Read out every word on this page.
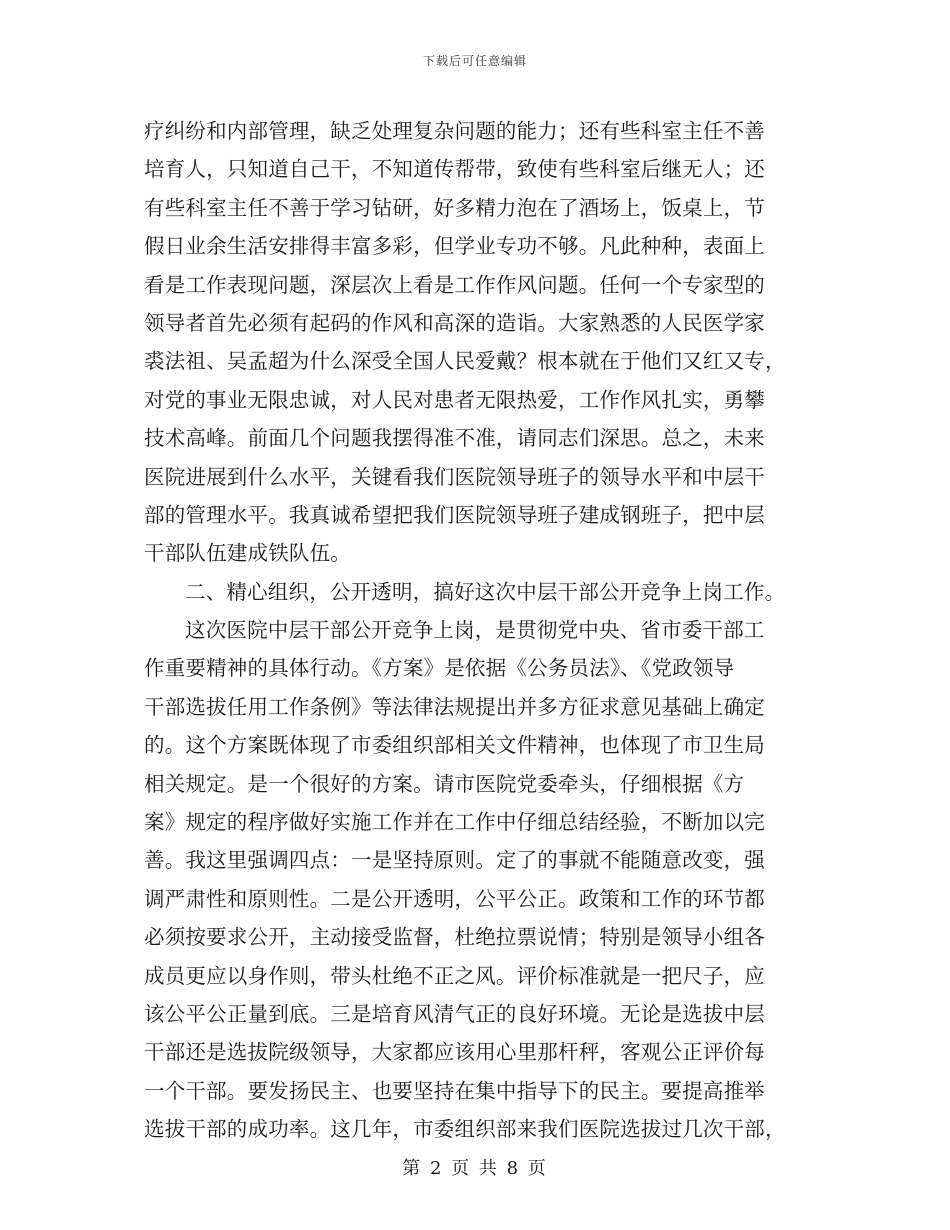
下载后可任意编辑
疗纠纷和内部管理，缺乏处理复杂问题的能力；还有些科室主任不善
培育人，只知道自己干，不知道传帮带，致使有些科室后继无人；还
有些科室主任不善于学习钻研，好多精力泡在了酒场上，饭桌上，节
假日业余生活安排得丰富多彩，但学业专功不够。凡此种种，表面上
看是工作表现问题，深层次上看是工作作风问题。任何一个专家型的
领导者首先必须有起码的作风和高深的造诣。大家熟悉的人民医学家
裘法祖、吴孟超为什么深受全国人民爱戴？根本就在于他们又红又专，
对党的事业无限忠诚，对人民对患者无限热爱，工作作风扎实，勇攀
技术高峰。前面几个问题我摆得准不准，请同志们深思。总之，未来
医院进展到什么水平，关键看我们医院领导班子的领导水平和中层干
部的管理水平。我真诚希望把我们医院领导班子建成钢班子，把中层
干部队伍建成铁队伍。
二、精心组织，公开透明，搞好这次中层干部公开竞争上岗工作。
这次医院中层干部公开竞争上岗，是贯彻党中央、省市委干部工
作重要精神的具体行动。《方案》是依据《公务员法》、《党政领导
干部选拔任用工作条例》等法律法规提出并多方征求意见基础上确定
的。这个方案既体现了市委组织部相关文件精神，也体现了市卫生局
相关规定。是一个很好的方案。请市医院党委牵头，仔细根据《方
案》规定的程序做好实施工作并在工作中仔细总结经验，不断加以完
善。我这里强调四点：一是坚持原则。定了的事就不能随意改变，强
调严肃性和原则性。二是公开透明，公平公正。政策和工作的环节都
必须按要求公开，主动接受监督，杜绝拉票说情；特别是领导小组各
成员更应以身作则，带头杜绝不正之风。评价标准就是一把尺子，应
该公平公正量到底。三是培育风清气正的良好环境。无论是选拔中层
干部还是选拔院级领导，大家都应该用心里那杆秤，客观公正评价每
一个干部。要发扬民主、也要坚持在集中指导下的民主。要提高推举
选拔干部的成功率。这几年，市委组织部来我们医院选拔过几次干部，
第 2 页 共 8 页
